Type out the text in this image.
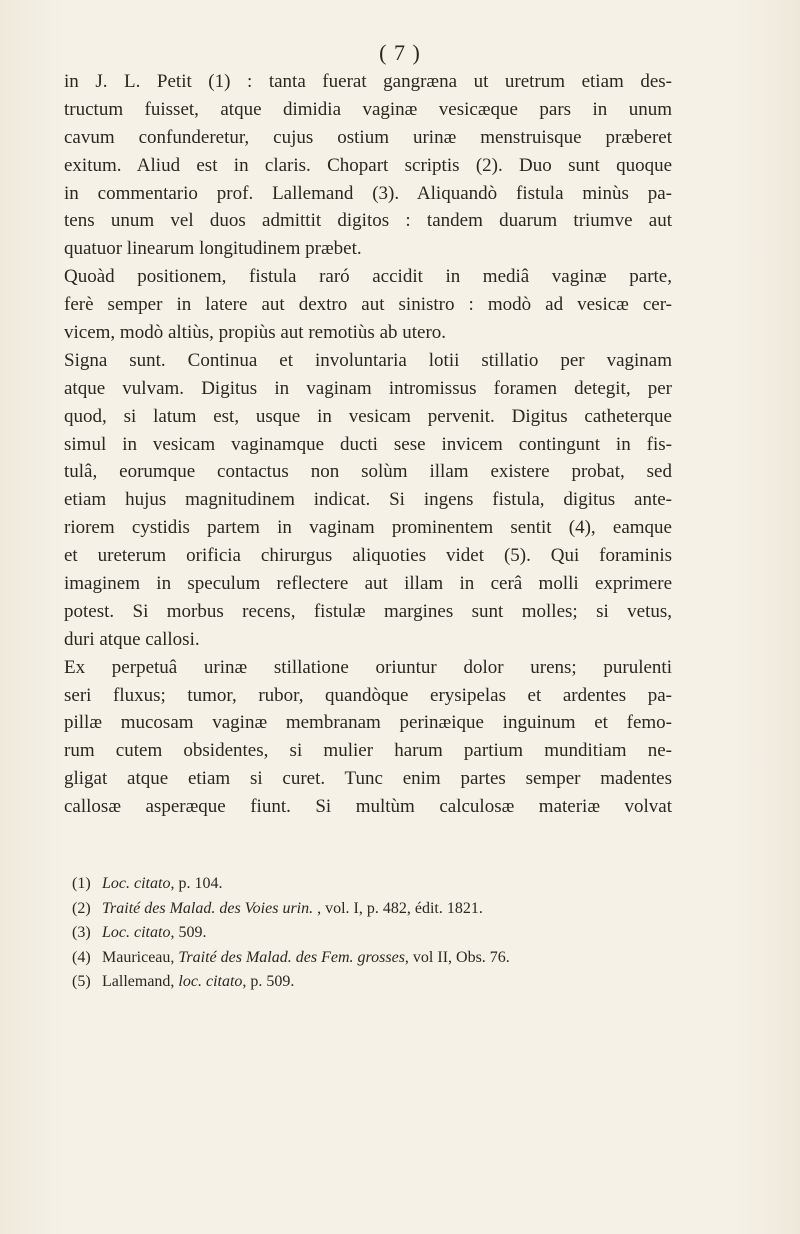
( 7 )
in J. L. Petit (1) : tanta fuerat gangræna ut uretrum etiam des-
tructum fuisset, atque dimidia vaginæ vesicæque pars in unum
cavum confunderetur, cujus ostium urinæ menstruisque præberet
exitum. Aliud est in claris. Chopart scriptis (2). Duo sunt quoque
in commentario prof. Lallemand (3). Aliquandò fistula minùs pa-
tens unum vel duos admittit digitos : tandem duarum triumve aut
quatuor linearum longitudinem præbet.
Quoàd positionem, fistula raró accidit in mediâ vaginæ parte,
ferè semper in latere aut dextro aut sinistro : modò ad vesicæ cer-
vicem, modò altiùs, propiùs aut remotiùs ab utero.
Signa sunt. Continua et involuntaria lotii stillatio per vaginam
atque vulvam. Digitus in vaginam intromissus foramen detegit, per
quod, si latum est, usque in vesicam pervenit. Digitus catheterque
simul in vesicam vaginamque ducti sese invicem contingunt in fis-
tulâ, eorumque contactus non solùm illam existere probat, sed
etiam hujus magnitudinem indicat. Si ingens fistula, digitus ante-
riorem cystidis partem in vaginam prominentem sentit (4), eamque
et ureterum orificia chirurgus aliquoties videt (5). Qui foraminis
imaginem in speculum reflectere aut illam in cerâ molli exprimere
potest. Si morbus recens, fistulæ margines sunt molles; si vetus,
duri atque callosi.
Ex perpetuâ urinæ stillatione oriuntur dolor urens; purulenti
seri fluxus; tumor, rubor, quandòque erysipelas et ardentes pa-
pillæ mucosam vaginæ membranam perinæique inguinum et femo-
rum cutem obsidentes, si mulier harum partium munditiam ne-
gligat atque etiam si curet. Tunc enim partes semper madentes
callosæ asperæque fiunt. Si multùm calculosæ materiæ volvat
(1) Loc. citato, p. 104.
(2) Traité des Malad. des Voies urin. , vol. I, p. 482, édit. 1821.
(3) Loc. citato, 509.
(4) Mauriceau, Traité des Malad. des Fem. grosses, vol II, Obs. 76.
(5) Lallemand, loc. citato, p. 509.
